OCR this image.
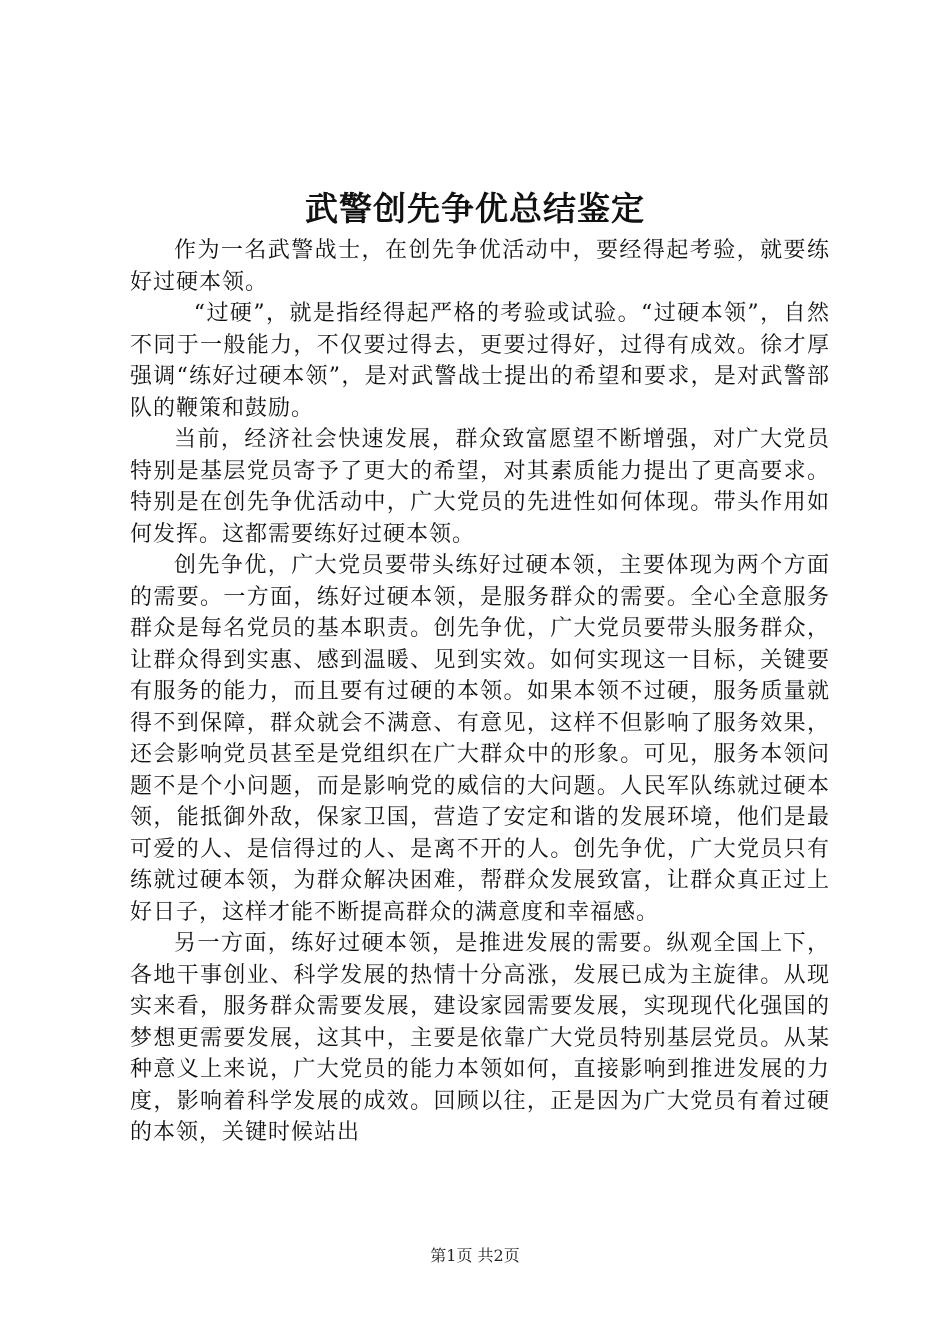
武警创先争优总结鉴定

作为一名武警战士，在创先争优活动中，要经得起考验，就要练好过硬本领。

“过硬”，就是指经得起严格的考验或试验。“过硬本领”，自然不同于一般能力，不仅要过得去，更要过得好，过得有成效。徐才厚强调“练好过硬本领”，是对武警战士提出的希望和要求，是对武警部队的鞭策和鼓励。

当前，经济社会快速发展，群众致富愿望不断增强，对广大党员特别是基层党员寄予了更大的希望，对其素质能力提出了更高要求。特别是在创先争优活动中，广大党员的先进性如何体现。带头作用如何发挥。这都需要练好过硬本领。

创先争优，广大党员要带头练好过硬本领，主要体现为两个方面的需要。一方面，练好过硬本领，是服务群众的需要。全心全意服务群众是每名党员的基本职责。创先争优，广大党员要带头服务群众，让群众得到实惠、感到温暖、见到实效。如何实现这一目标，关键要有服务的能力，而且要有过硬的本领。如果本领不过硬，服务质量就得不到保障，群众就会不满意、有意见，这样不但影响了服务效果，还会影响党员甚至是党组织在广大群众中的形象。可见，服务本领问题不是个小问题，而是影响党的威信的大问题。人民军队练就过硬本领，能抵御外敌，保家卫国，营造了安定和谐的发展环境，他们是最可爱的人、是信得过的人、是离不开的人。创先争优，广大党员只有练就过硬本领，为群众解决困难，帮群众发展致富，让群众真正过上好日子，这样才能不断提高群众的满意度和幸福感。

另一方面，练好过硬本领，是推进发展的需要。纵观全国上下，各地干事创业、科学发展的热情十分高涨，发展已成为主旋律。从现实来看，服务群众需要发展，建设家园需要发展，实现现代化强国的梦想更需要发展，这其中，主要是依靠广大党员特别基层党员。从某种意义上来说，广大党员的能力本领如何，直接影响到推进发展的力度，影响着科学发展的成效。回顾以往，正是因为广大党员有着过硬的本领，关键时候站出

第1页 共2页
